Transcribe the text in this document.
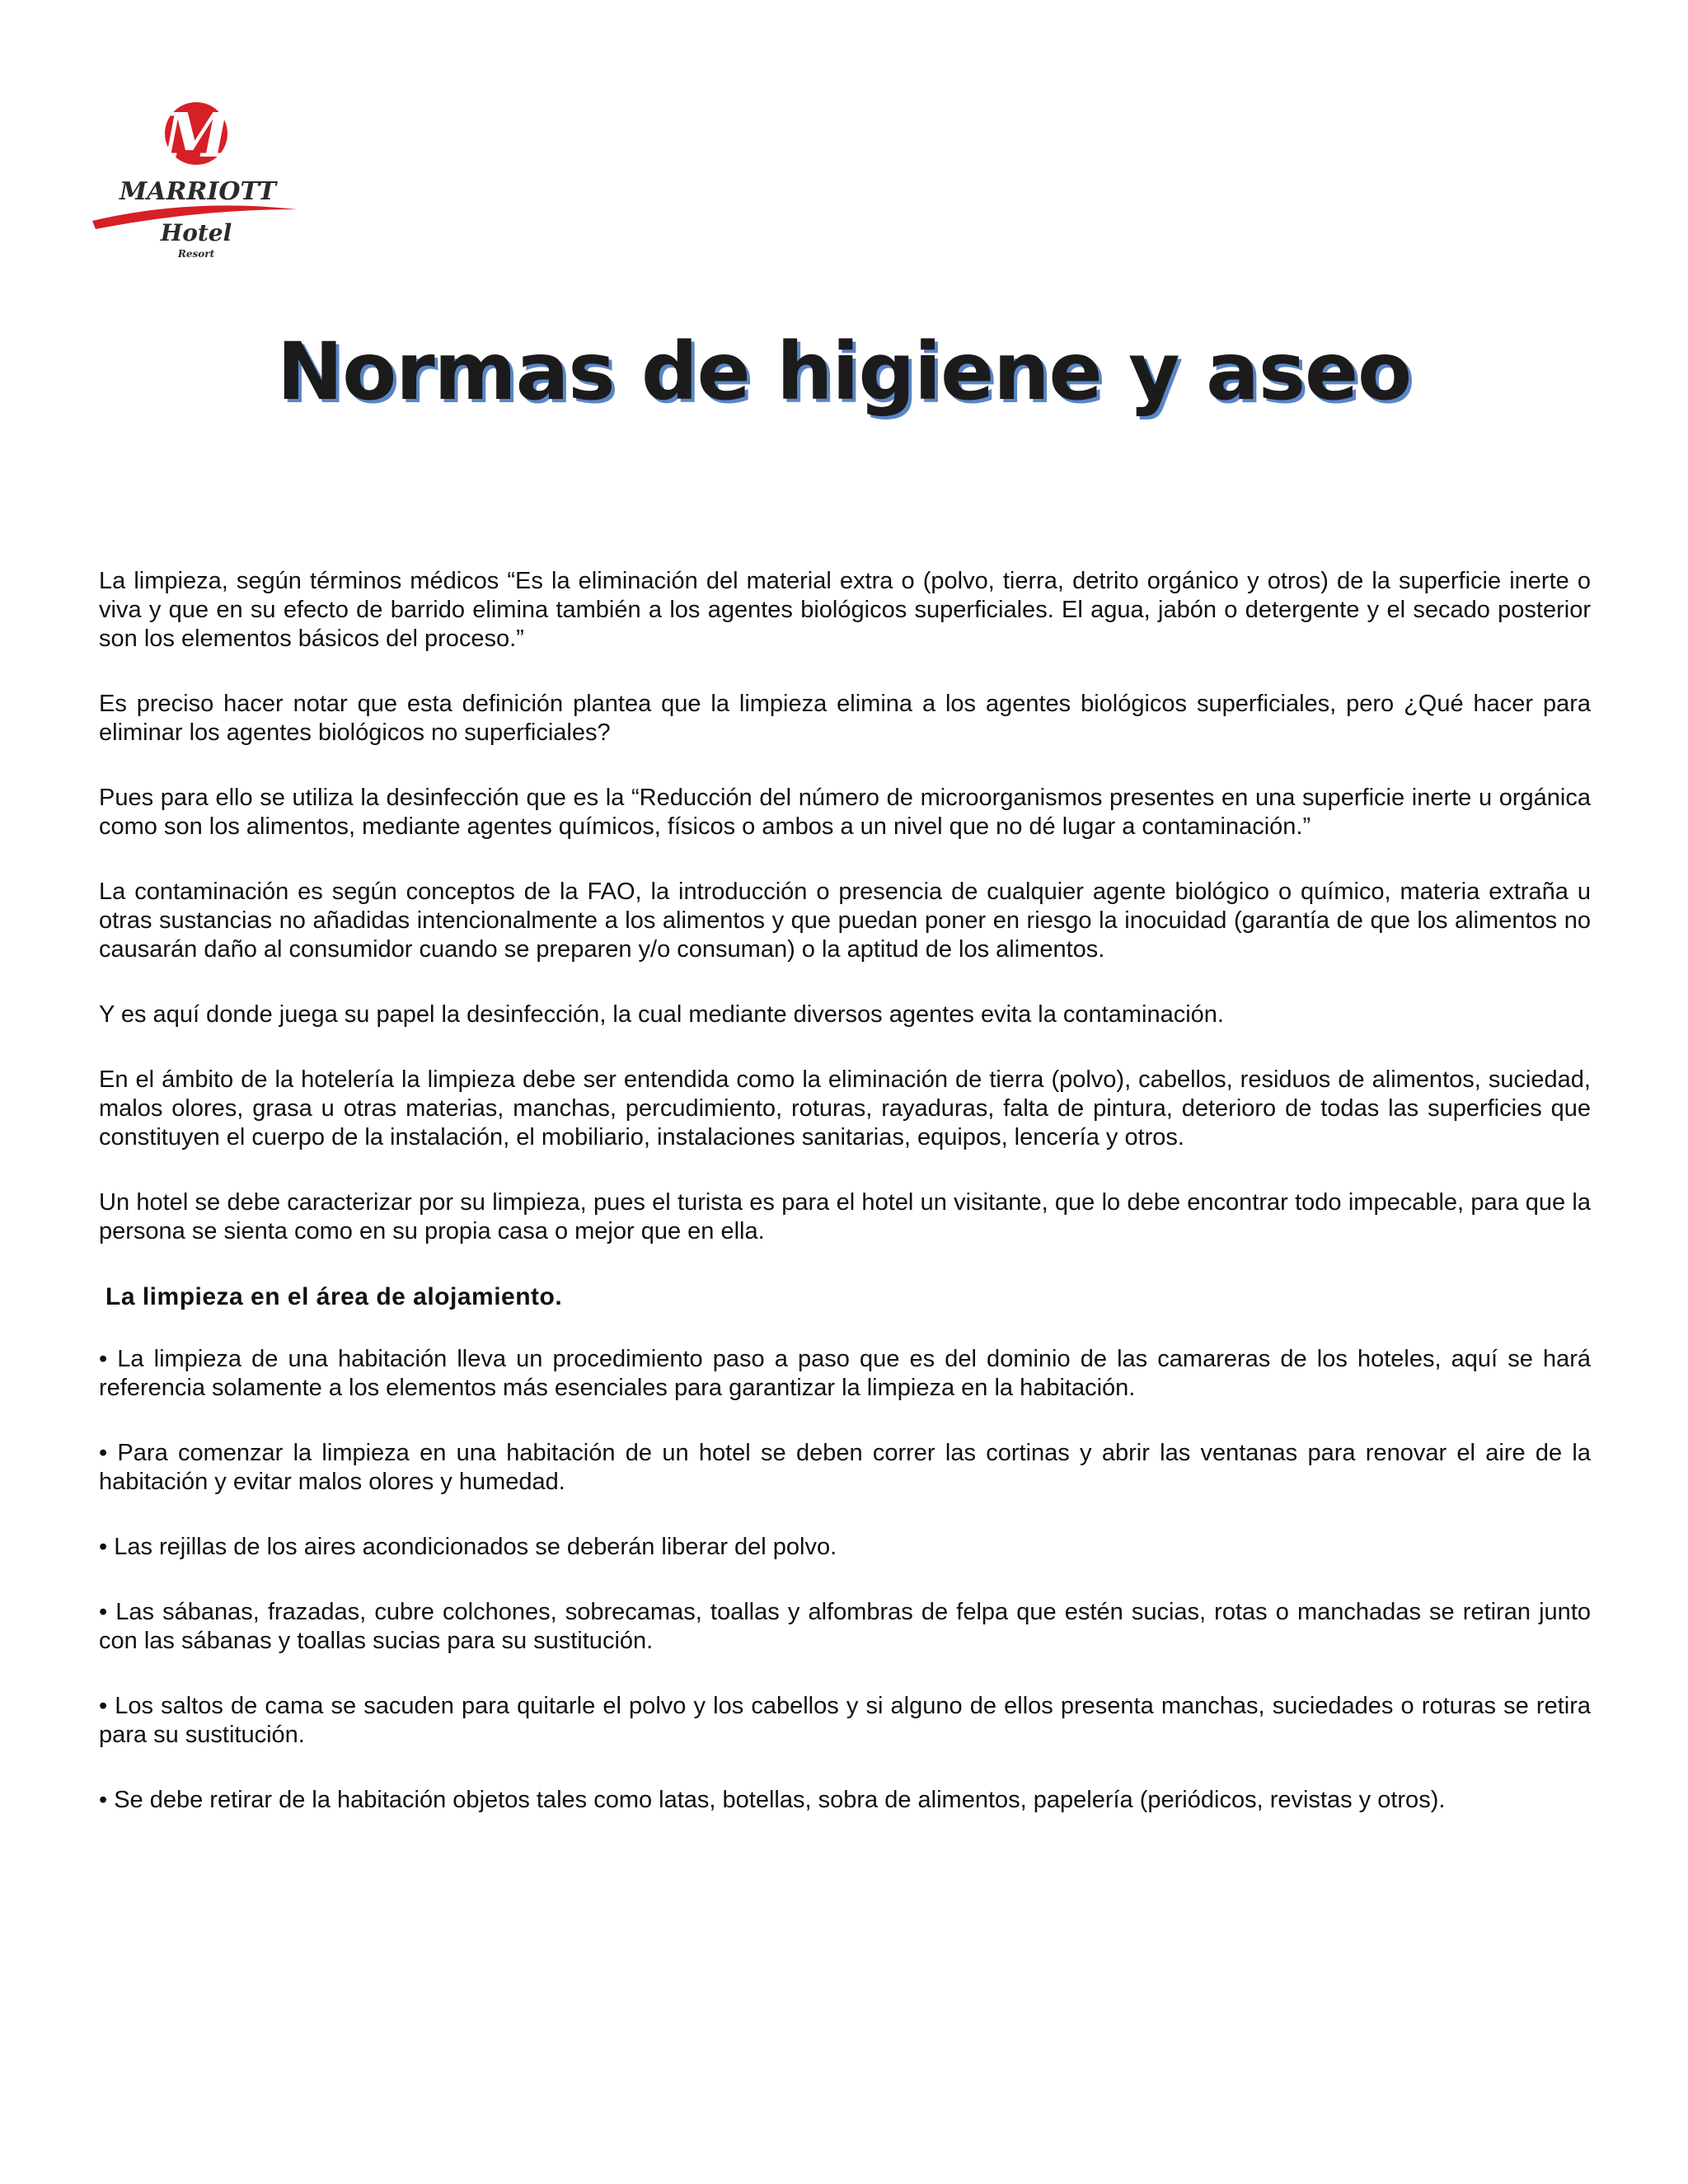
M
MARRIOTT
Hotel
Resort
Normas de higiene y aseo

La limpieza, según términos médicos “Es la eliminación del material extra o (polvo, tierra, detrito orgánico y otros) de la superficie inerte o viva y que en su efecto de barrido elimina también a los agentes biológicos superficiales. El agua, jabón o detergente y el secado posterior son los elementos básicos del proceso.”

Es preciso hacer notar que esta definición plantea que la limpieza elimina a los agentes biológicos superficiales, pero ¿Qué hacer para eliminar los agentes biológicos no superficiales?

Pues para ello se utiliza la desinfección que es la “Reducción del número de microorganismos presentes en una superficie inerte u orgánica como son los alimentos, mediante agentes químicos, físicos o ambos a un nivel que no dé lugar a contaminación.”

La contaminación es según conceptos de la FAO, la introducción o presencia de cualquier agente biológico o químico, materia extraña u otras sustancias no añadidas intencionalmente a los alimentos y que puedan poner en riesgo la inocuidad (garantía de que los alimentos no causarán daño al consumidor cuando se preparen y/o consuman) o la aptitud de los alimentos.

Y es aquí donde juega su papel la desinfección, la cual mediante diversos agentes evita la contaminación.

En el ámbito de la hotelería la limpieza debe ser entendida como la eliminación de tierra (polvo), cabellos, residuos de alimentos, suciedad, malos olores, grasa u otras materias, manchas, percudimiento, roturas, rayaduras, falta de pintura, deterioro de todas las superficies que constituyen el cuerpo de la instalación, el mobiliario, instalaciones sanitarias, equipos, lencería y otros.

Un hotel se debe caracterizar por su limpieza, pues el turista es para el hotel un visitante, que lo debe encontrar todo impecable, para que la persona se sienta como en su propia casa o mejor que en ella.

La limpieza en el área de alojamiento.

• La limpieza de una habitación lleva un procedimiento paso a paso que es del dominio de las camareras de los hoteles, aquí se hará referencia solamente a los elementos más esenciales para garantizar la limpieza en la habitación.

• Para comenzar la limpieza en una habitación de un hotel se deben correr las cortinas y abrir las ventanas para renovar el aire de la habitación y evitar malos olores y humedad.

• Las rejillas de los aires acondicionados se deberán liberar del polvo.

• Las sábanas, frazadas, cubre colchones, sobrecamas, toallas y alfombras de felpa que estén sucias, rotas o manchadas se retiran junto con las sábanas y toallas sucias para su sustitución.

• Los saltos de cama se sacuden para quitarle el polvo y los cabellos y si alguno de ellos presenta manchas, suciedades o roturas se retira para su sustitución.

• Se debe retirar de la habitación objetos tales como latas, botellas, sobra de alimentos, papelería (periódicos, revistas y otros).
